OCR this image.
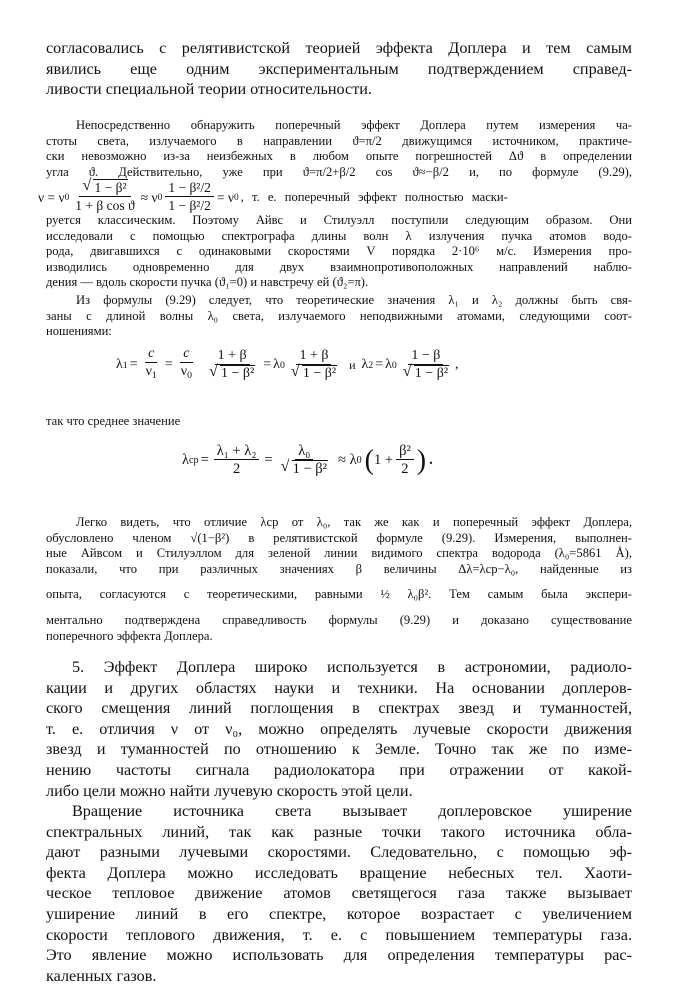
согласовались с релятивистской теорией эффекта Доплера и тем самым
явились еще одним экспериментальным подтверждением справед-
ливости специальной теории относительности.
Непосредственно обнаружить поперечный эффект Доплера путем измерения ча-
стоты света, излучаемого в направлении ϑ=π/2 движущимся источником, практиче-
ски невозможно из-за неизбежных в любом опыте погрешностей Δϑ в определении
угла ϑ. Действительно, уже при ϑ=π/2+β/2 cos ϑ≈−β/2 и, по формуле (9.29),
ν = ν $0 \frac{\text{√ 1 − β²}}{\text{1 + β cos ϑ}} \approx \nu$ $0 \frac{\text{1 − β²/2}}{\text{1 − β²/2}} = \nu$ 0 , т. е. поперечный эффект полностью маски-
руется классическим. Поэтому Айвс и Стилуэлл поступили следующим образом. Они
исследовали с помощью спектрографа длины волн λ излучения пучка атомов водо-
рода, двигавшихся с одинаковыми скоростями V порядка 2·10⁶ м/с. Измерения про-
изводились одновременно для двух взаимнопротивоположных направлений наблю-
дения — вдоль скорости пучка (ϑ₁=0) и навстречу ей (ϑ₂=π).
Из формулы (9.29) следует, что теоретические значения λ₁ и λ₂ должны быть свя-
заны с длиной волны λ₀ света, излучаемого неподвижными атомами, следующими соот-
ношениями:
λ $1 = \frac{c}{\nu_1} = \frac{c}{\nu_0} \frac{1 + \beta}{\text{√ 1 − β²}} = \lambda$ $0 \frac{1 + \beta}{\text{√ 1 − β²}}$ и λ 2 = λ $0 \frac{1 - \beta}{\text{√ 1 − β²}}$ ,
так что среднее значение
λ ср = $\frac{\text{λ₁ + λ₂}}{2} = \frac{\text{λ₀}}{\text{√ 1 − β²}} \approx \lambda$ 0 ( $1 + \frac{\text{β²}}{2}$ ) .
Легко видеть, что отличие λср от λ₀, так же как и поперечный эффект Доплера,
обусловлено членом √(1−β²) в релятивистской формуле (9.29). Измерения, выполнен-
ные Айвсом и Стилуэллом для зеленой линии видимого спектра водорода (λ₀=5861 Å),
показали, что при различных значениях β величины Δλ=λср−λ₀, найденные из
опыта, согласуются с теоретическими, равными ½ λ₀β². Тем самым была экспери-
ментально подтверждена справедливость формулы (9.29) и доказано существование
поперечного эффекта Доплера.
5. Эффект Доплера широко используется в астрономии, радиоло-
кации и других областях науки и техники. На основании доплеров-
ского смещения линий поглощения в спектрах звезд и туманностей,
т. е. отличия ν от ν₀, можно определять лучевые скорости движения
звезд и туманностей по отношению к Земле. Точно так же по изме-
нению частоты сигнала радиолокатора при отражении от какой-
либо цели можно найти лучевую скорость этой цели.
Вращение источника света вызывает доплеровское уширение
спектральных линий, так как разные точки такого источника обла-
дают разными лучевыми скоростями. Следовательно, с помощью эф-
фекта Доплера можно исследовать вращение небесных тел. Хаоти-
ческое тепловое движение атомов светящегося газа также вызывает
уширение линий в его спектре, которое возрастает с увеличением
скорости теплового движения, т. е. с повышением температуры газа.
Это явление можно использовать для определения температуры рас-
каленных газов.
